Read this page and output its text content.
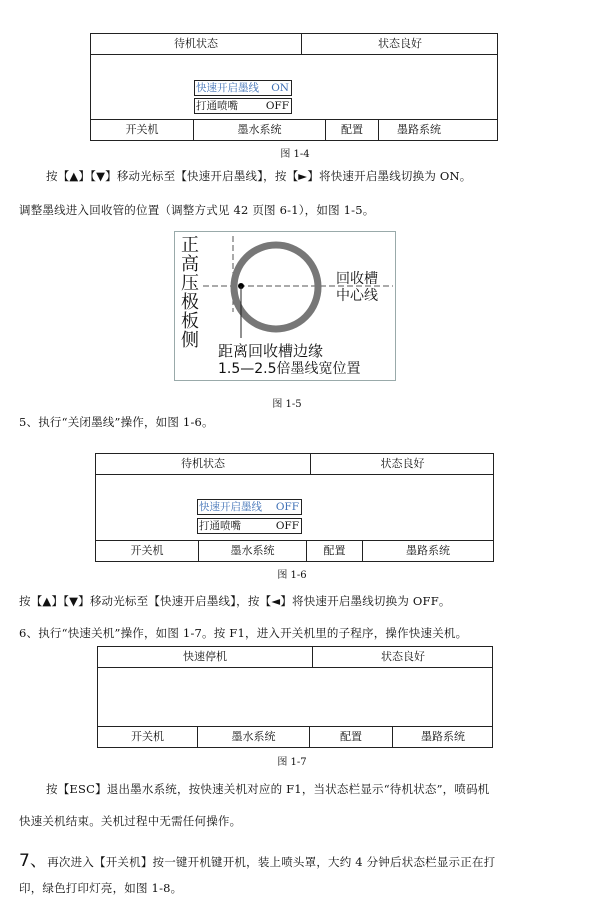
待机状态	状态良好
快速开启墨线 ON
打通喷嘴	OFF
开关机	墨水系统	配置	墨路系统
图 1-4
按【▲】【▼】移动光标至【快速开启墨线】，按【►】将快速开启墨线切换为 ON。
调整墨线进入回收管的位置（调整方式见 42 页图 6-1），如图 1-5。
正高压极板侧
回收槽
中心线
距离回收槽边缘
1.5—2.5倍墨线宽位置
图 1-5
5、执行“关闭墨线”操作，如图 1-6。
待机状态	状态良好
快速开启墨线 OFF
打通喷嘴	OFF
开关机	墨水系统	配置	墨路系统
图 1-6
按【▲】【▼】移动光标至【快速开启墨线】，按【◄】将快速开启墨线切换为 OFF。
6、执行“快速关机”操作，如图 1-7。按 F1，进入开关机里的子程序，操作快速关机。
快速停机	状态良好
开关机	墨水系统	配置	墨路系统
图 1-7
按【ESC】退出墨水系统，按快速关机对应的 F1，当状态栏显示“待机状态”，喷码机
快速关机结束。关机过程中无需任何操作。
7、再次进入【开关机】按一键开机键开机，装上喷头罩，大约 4 分钟后状态栏显示正在打
印，绿色打印灯亮，如图 1-8。
